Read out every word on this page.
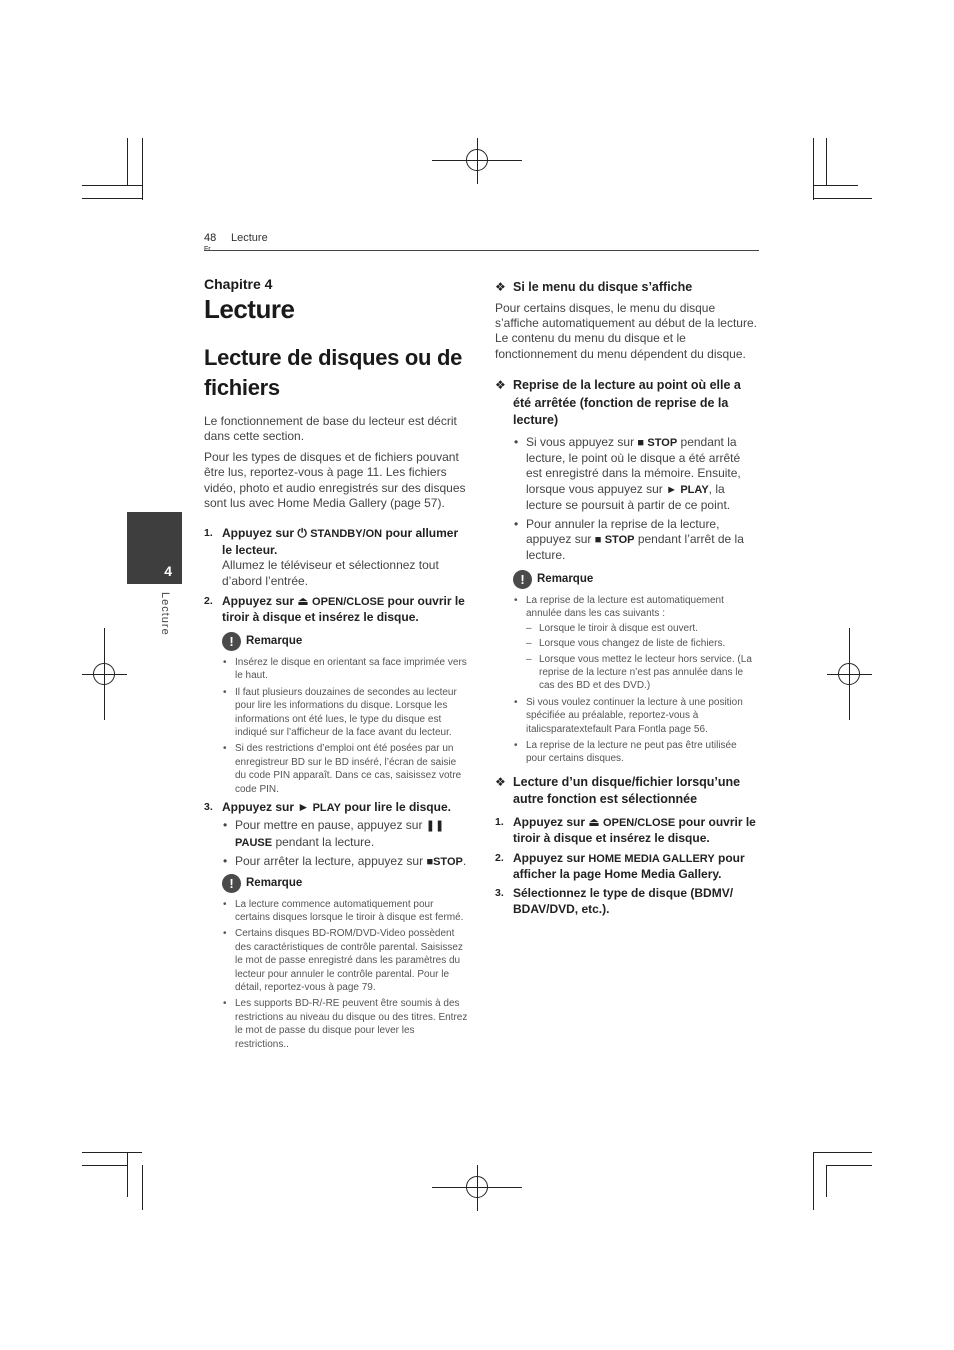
48 Lecture
4
Lecture
Chapitre 4
Lecture
Lecture de disques ou de fichiers

Le fonctionnement de base du lecteur est décrit dans cette section.

Pour les types de disques et de fichiers pouvant être lus, reportez-vous à page 11. Les fichiers vidéo, photo et audio enregistrés sur des disques sont lus avec Home Media Gallery (page 57).

1. Appuyez sur ⏻ STANDBY/ON pour allumer le lecteur.
Allumez le téléviseur et sélectionnez tout d’abord l’entrée.
2. Appuyez sur ⏏ OPEN/CLOSE pour ouvrir le tiroir à disque et insérez le disque.
!	Remarque
• Insérez le disque en orientant sa face imprimée vers le haut.
• Il faut plusieurs douzaines de secondes au lecteur pour lire les informations du disque. Lorsque les informations ont été lues, le type du disque est indiqué sur l’afficheur de la face avant du lecteur.
• Si des restrictions d’emploi ont été posées par un enregistreur BD sur le BD inséré, l’écran de saisie du code PIN apparaît. Dans ce cas, saisissez votre code PIN.
3. Appuyez sur ► PLAY pour lire le disque.
• Pour mettre en pause, appuyez sur ❚❚ PAUSE pendant la lecture.
• Pour arrêter la lecture, appuyez sur ■STOP.
!	Remarque
• La lecture commence automatiquement pour certains disques lorsque le tiroir à disque est fermé.
• Certains disques BD-ROM/DVD-Video possèdent des caractéristiques de contrôle parental. Saisissez le mot de passe enregistré dans les paramètres du lecteur pour annuler le contrôle parental. Pour le détail, reportez-vous à page 79.
• Les supports BD-R/-RE peuvent être soumis à des restrictions au niveau du disque ou des titres. Entrez le mot de passe du disque pour lever les restrictions..
❖ Si le menu du disque s’affiche

Pour certains disques, le menu du disque s’affiche automatiquement au début de la lecture. Le contenu du menu du disque et le fonctionnement du menu dépendent du disque.

❖ Reprise de la lecture au point où elle a été arrêtée (fonction de reprise de la lecture)
• Si vous appuyez sur ■ STOP pendant la lecture, le point où le disque a été arrêté est enregistré dans la mémoire. Ensuite, lorsque vous appuyez sur ► PLAY, la lecture se poursuit à partir de ce point.
• Pour annuler la reprise de la lecture, appuyez sur ■ STOP pendant l’arrêt de la lecture.
!	Remarque
• La reprise de la lecture est automatiquement annulée dans les cas suivants :
– Lorsque le tiroir à disque est ouvert.
– Lorsque vous changez de liste de fichiers.
– Lorsque vous mettez le lecteur hors service. (La reprise de la lecture n’est pas annulée dans le cas des BD et des DVD.)
• Si vous voulez continuer la lecture à une position spécifiée au préalable, reportez-vous à italicsparatextefault Para Fontla page 56.
• La reprise de la lecture ne peut pas être utilisée pour certains disques.
❖ Lecture d’un disque/fichier lorsqu’une autre fonction est sélectionnée
1. Appuyez sur ⏏ OPEN/CLOSE pour ouvrir le tiroir à disque et insérez le disque.
2. Appuyez sur HOME MEDIA GALLERY pour afficher la page Home Media Gallery.
3. Sélectionnez le type de disque (BDMV/ BDAV/DVD, etc.).
